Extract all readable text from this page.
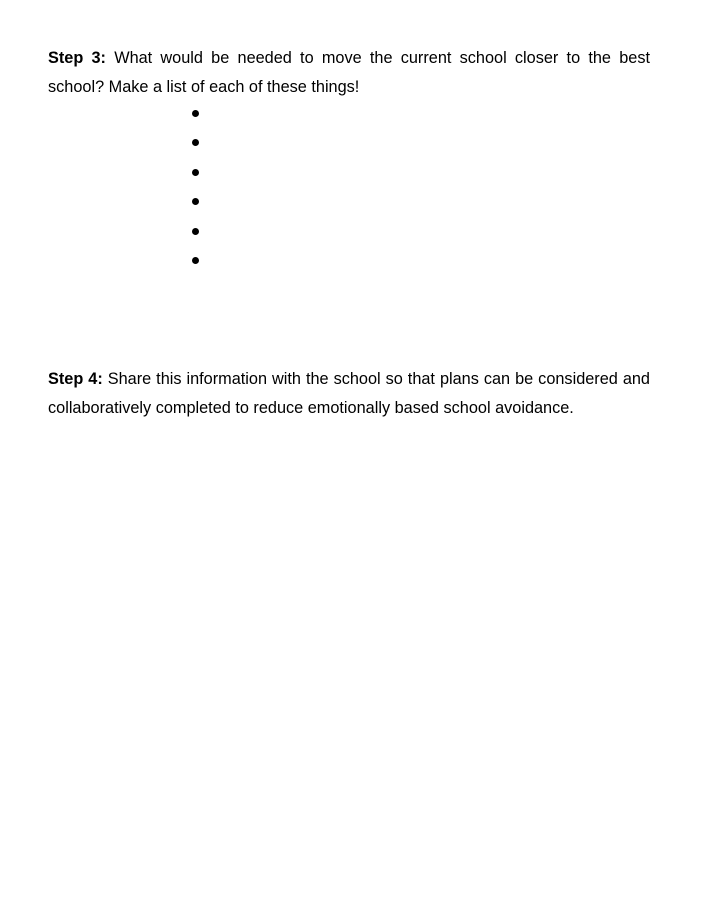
Step 3: What would be needed to move the current school closer to the best school? Make a list of each of these things!

Step 4: Share this information with the school so that plans can be considered and collaboratively completed to reduce emotionally based school avoidance.
